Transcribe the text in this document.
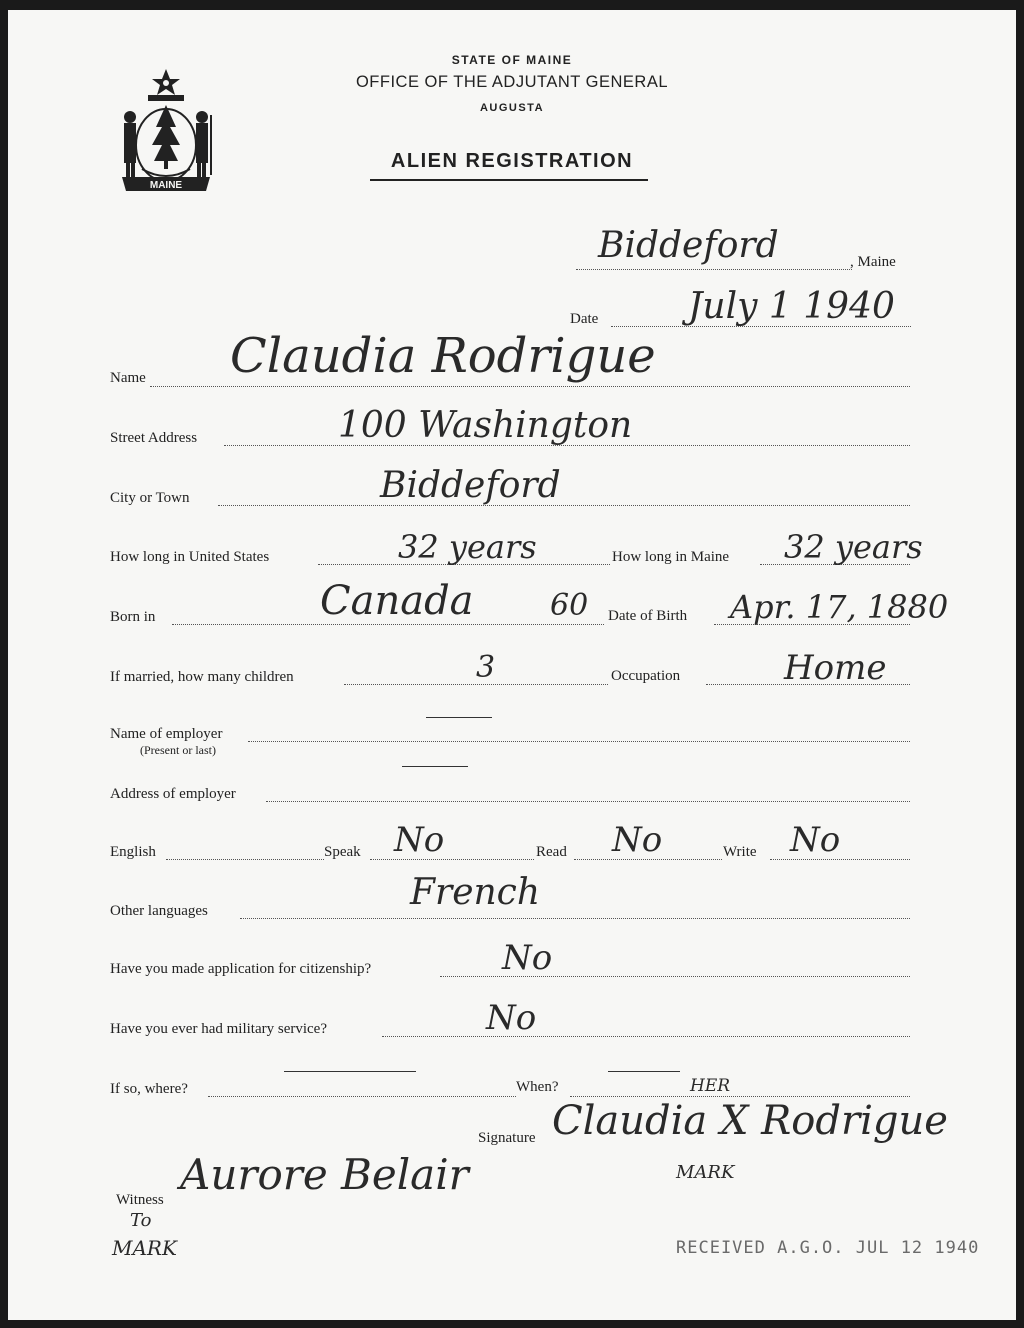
MAINE
STATE OF MAINE
OFFICE OF THE ADJUTANT GENERAL
AUGUSTA
ALIEN REGISTRATION
Biddeford	, Maine
Date July 1 1940
Name Claudia Rodrigue
Street Address	100 Washington
City or Town	Biddeford
How long in United States	32 years	How long in Maine 32 years
Born in	Canada	60 Date of Birth Apr. 17, 1880
If married, how many children	3	Occupation	Home
Name of employer
(Present or last)
Address of employer
English	Speak No	Read No	Write No
Other languages	French
Have you made application for citizenship?	No
Have you ever had military service?	No
If so, where?	When?
Signature
HER
Claudia X Rodrigue
MARK
Witness
Aurore Belair
To
MARK	RECEIVED A.G.O. JUL 12 1940
